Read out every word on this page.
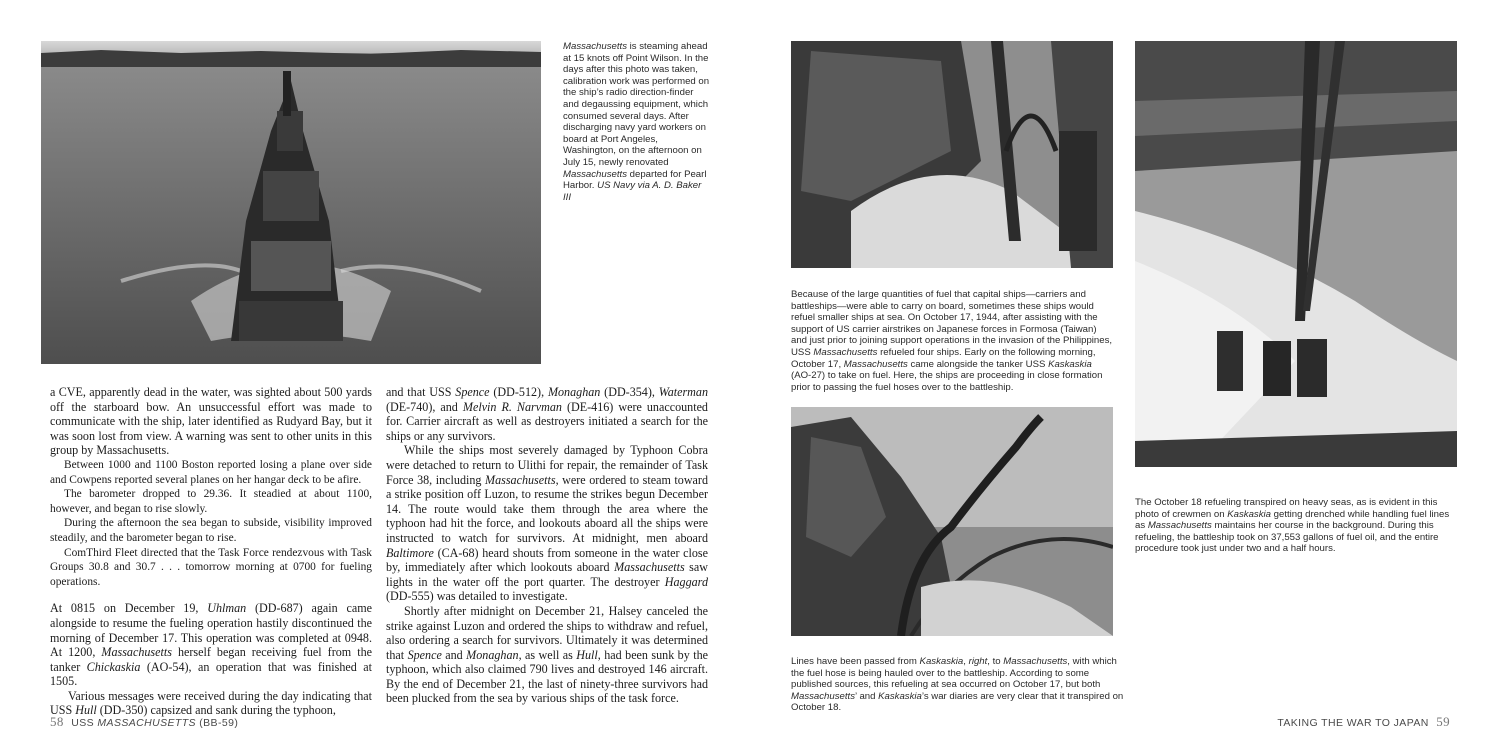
Massachusetts is steaming ahead at 15 knots off Point Wilson. In the days after this photo was taken, calibration work was performed on the ship’s radio direction-finder and degaussing equipment, which consumed several days. After discharging navy yard workers on board at Port Angeles, Washington, on the afternoon on July 15, newly renovated Massachusetts departed for Pearl Harbor. US Navy via A. D. Baker III

a CVE, apparently dead in the water, was sighted about 500 yards off the starboard bow. An unsuccessful effort was made to communicate with the ship, later identified as Rudyard Bay, but it was soon lost from view. A warning was sent to other units in this group by Massachusetts.

Between 1000 and 1100 Boston reported losing a plane over side and Cowpens reported several planes on her hangar deck to be afire.

The barometer dropped to 29.36. It steadied at about 1100, however, and began to rise slowly.

During the afternoon the sea began to subside, visibility improved steadily, and the barometer began to rise.

ComThird Fleet directed that the Task Force rendezvous with Task Groups 30.8 and 30.7 . . . tomorrow morning at 0700 for fueling operations.

At 0815 on December 19, Uhlman (DD-687) again came alongside to resume the fueling operation hastily discontinued the morning of December 17. This operation was completed at 0948. At 1200, Massachusetts herself began receiving fuel from the tanker Chickaskia (AO-54), an operation that was finished at 1505.

Various messages were received during the day indicating that USS Hull (DD-350) capsized and sank during the typhoon,

and that USS Spence (DD-512), Monaghan (DD-354), Waterman (DE-740), and Melvin R. Narvman (DE-416) were unaccounted for. Carrier aircraft as well as destroyers initiated a search for the ships or any survivors.

While the ships most severely damaged by Typhoon Cobra were detached to return to Ulithi for repair, the remainder of Task Force 38, including Massachusetts, were ordered to steam toward a strike position off Luzon, to resume the strikes begun December 14. The route would take them through the area where the typhoon had hit the force, and lookouts aboard all the ships were instructed to watch for survivors. At midnight, men aboard Baltimore (CA-68) heard shouts from someone in the water close by, immediately after which lookouts aboard Massachusetts saw lights in the water off the port quarter. The destroyer Haggard (DD-555) was detailed to investigate.

Shortly after midnight on December 21, Halsey canceled the strike against Luzon and ordered the ships to withdraw and refuel, also ordering a search for survivors. Ultimately it was determined that Spence and Monaghan, as well as Hull, had been sunk by the typhoon, which also claimed 790 lives and destroyed 146 aircraft. By the end of December 21, the last of ninety-three survivors had been plucked from the sea by various ships of the task force.

58 USS MASSACHUSETTS (BB-59)

Because of the large quantities of fuel that capital ships—carriers and battleships—were able to carry on board, sometimes these ships would refuel smaller ships at sea. On October 17, 1944, after assisting with the support of US carrier airstrikes on Japanese forces in Formosa (Taiwan) and just prior to joining support operations in the invasion of the Philippines, USS Massachusetts refueled four ships. Early on the following morning, October 17, Massachusetts came alongside the tanker USS Kaskaskia (AO-27) to take on fuel. Here, the ships are proceeding in close formation prior to passing the fuel hoses over to the battleship.

Lines have been passed from Kaskaskia, right, to Massachusetts, with which the fuel hose is being hauled over to the battleship. According to some published sources, this refueling at sea occurred on October 17, but both Massachusetts’ and Kaskaskia’s war diaries are very clear that it transpired on October 18.

The October 18 refueling transpired on heavy seas, as is evident in this photo of crewmen on Kaskaskia getting drenched while handling fuel lines as Massachusetts maintains her course in the background. During this refueling, the battleship took on 37,553 gallons of fuel oil, and the entire procedure took just under two and a half hours.

TAKING THE WAR TO JAPAN 59
